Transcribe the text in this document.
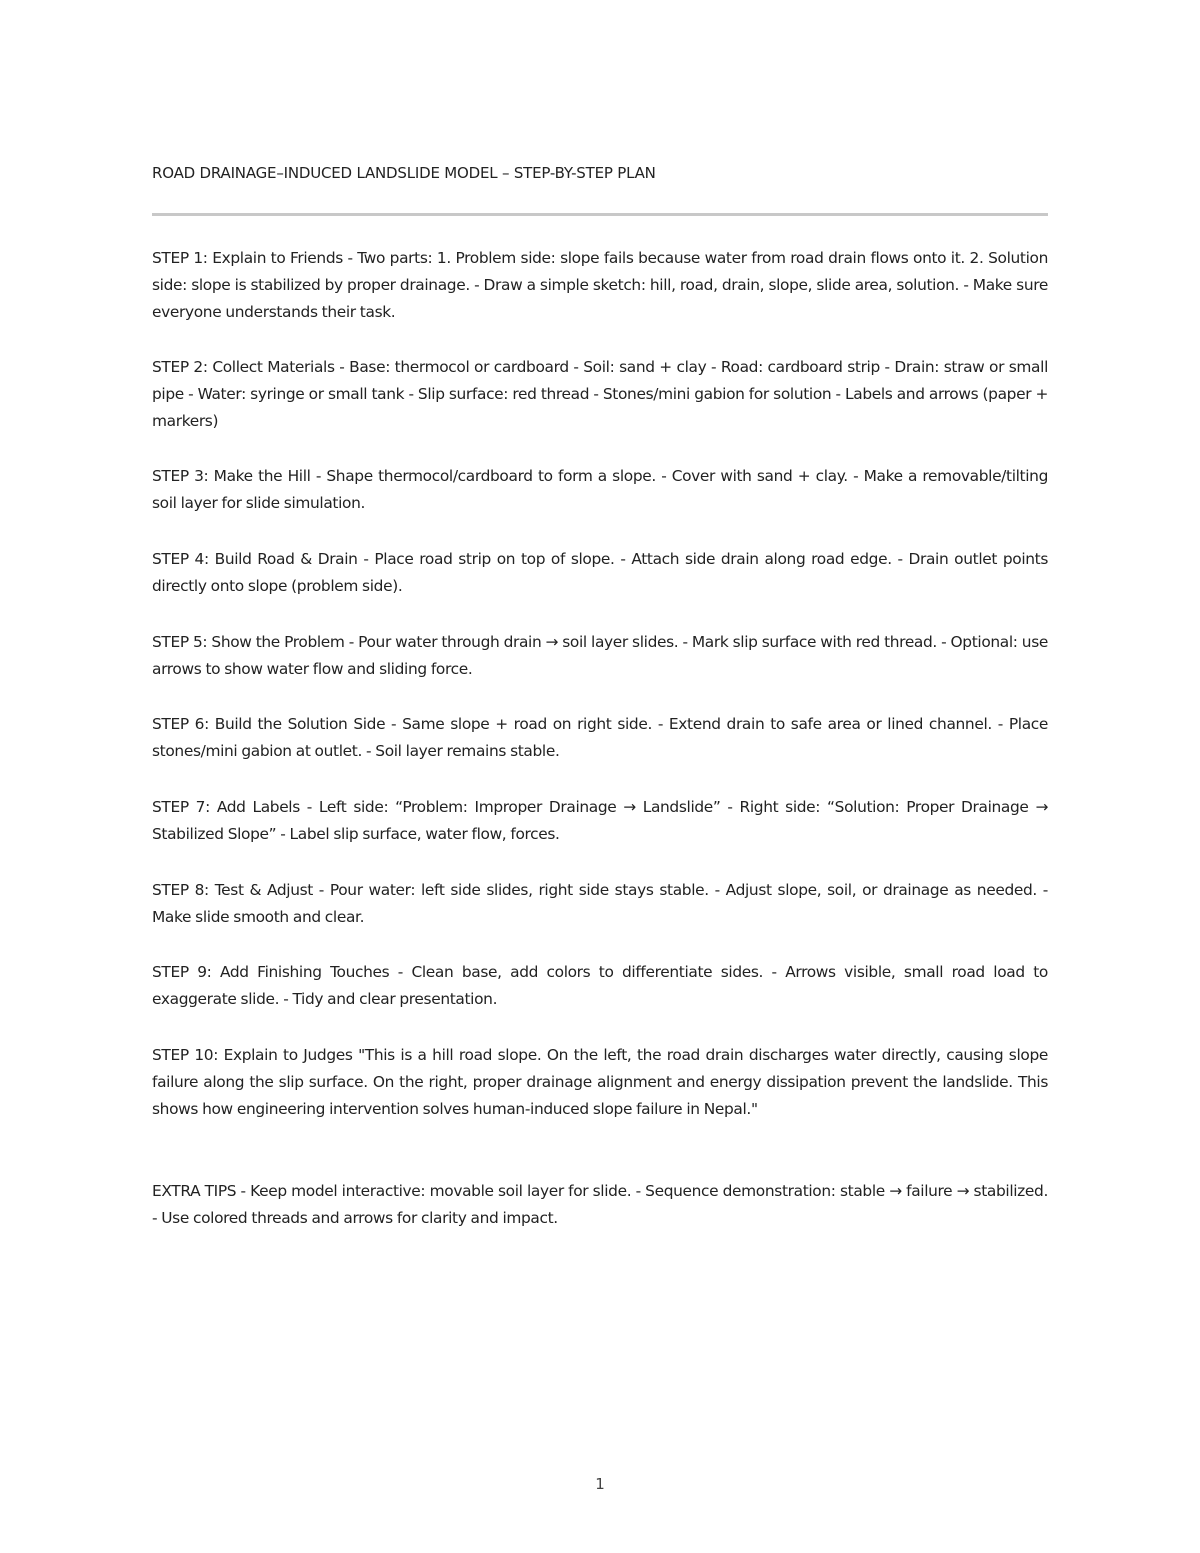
ROAD DRAINAGE–INDUCED LANDSLIDE MODEL – STEP-BY-STEP PLAN

STEP 1: Explain to Friends - Two parts: 1. Problem side: slope fails because water from road drain flows onto it. 2. Solution side: slope is stabilized by proper drainage. - Draw a simple sketch: hill, road, drain, slope, slide area, solution. - Make sure everyone understands their task.

STEP 2: Collect Materials - Base: thermocol or cardboard - Soil: sand + clay - Road: cardboard strip - Drain: straw or small pipe - Water: syringe or small tank - Slip surface: red thread - Stones/mini gabion for solution - Labels and arrows (paper + markers)

STEP 3: Make the Hill - Shape thermocol/cardboard to form a slope. - Cover with sand + clay. - Make a removable/tilting soil layer for slide simulation.

STEP 4: Build Road & Drain - Place road strip on top of slope. - Attach side drain along road edge. - Drain outlet points directly onto slope (problem side).

STEP 5: Show the Problem - Pour water through drain → soil layer slides. - Mark slip surface with red thread. - Optional: use arrows to show water flow and sliding force.

STEP 6: Build the Solution Side - Same slope + road on right side. - Extend drain to safe area or lined channel. - Place stones/mini gabion at outlet. - Soil layer remains stable.

STEP 7: Add Labels - Left side: “Problem: Improper Drainage → Landslide” - Right side: “Solution: Proper Drainage → Stabilized Slope” - Label slip surface, water flow, forces.

STEP 8: Test & Adjust - Pour water: left side slides, right side stays stable. - Adjust slope, soil, or drainage as needed. - Make slide smooth and clear.

STEP 9: Add Finishing Touches - Clean base, add colors to differentiate sides. - Arrows visible, small road load to exaggerate slide. - Tidy and clear presentation.

STEP 10: Explain to Judges "This is a hill road slope. On the left, the road drain discharges water directly, causing slope failure along the slip surface. On the right, proper drainage alignment and energy dissipation prevent the landslide. This shows how engineering intervention solves human-induced slope failure in Nepal."

EXTRA TIPS - Keep model interactive: movable soil layer for slide. - Sequence demonstration: stable → failure → stabilized. - Use colored threads and arrows for clarity and impact.

1
